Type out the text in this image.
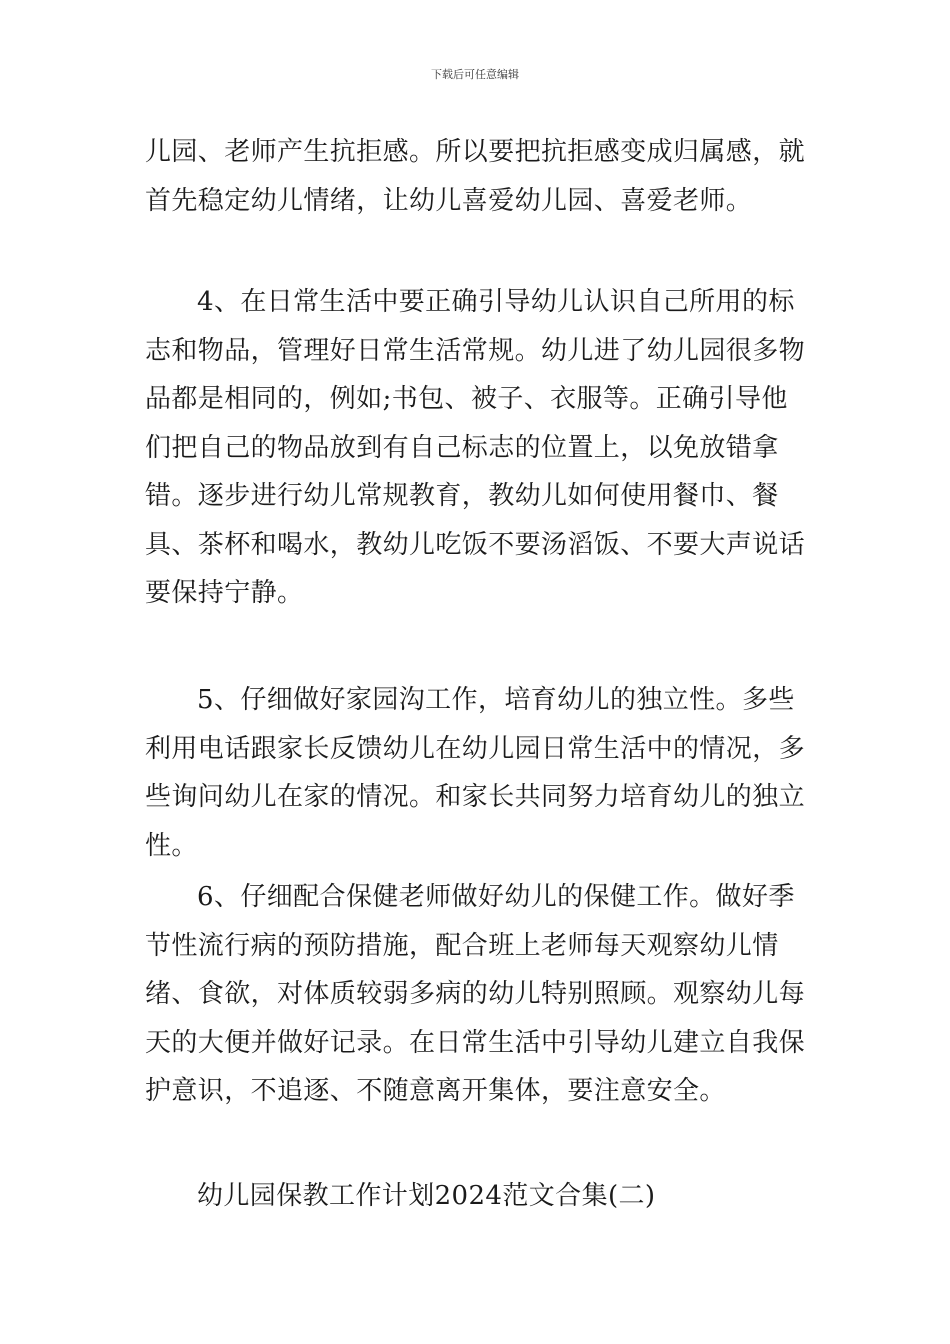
下载后可任意编辑

儿园、老师产生抗拒感。所以要把抗拒感变成归属感，就首先稳定幼儿情绪，让幼儿喜爱幼儿园、喜爱老师。

4、在日常生活中要正确引导幼儿认识自己所用的标志和物品，管理好日常生活常规。幼儿进了幼儿园很多物品都是相同的，例如;书包、被子、衣服等。正确引导他们把自己的物品放到有自己标志的位置上，以免放错拿错。逐步进行幼儿常规教育，教幼儿如何使用餐巾、餐具、茶杯和喝水，教幼儿吃饭不要汤滔饭、不要大声说话要保持宁静。

5、仔细做好家园沟工作，培育幼儿的独立性。多些利用电话跟家长反馈幼儿在幼儿园日常生活中的情况，多些询问幼儿在家的情况。和家长共同努力培育幼儿的独立性。

6、仔细配合保健老师做好幼儿的保健工作。做好季节性流行病的预防措施，配合班上老师每天观察幼儿情绪、食欲，对体质较弱多病的幼儿特别照顾。观察幼儿每天的大便并做好记录。在日常生活中引导幼儿建立自我保护意识，不追逐、不随意离开集体，要注意安全。

幼儿园保教工作计划2024范文合集(二)
